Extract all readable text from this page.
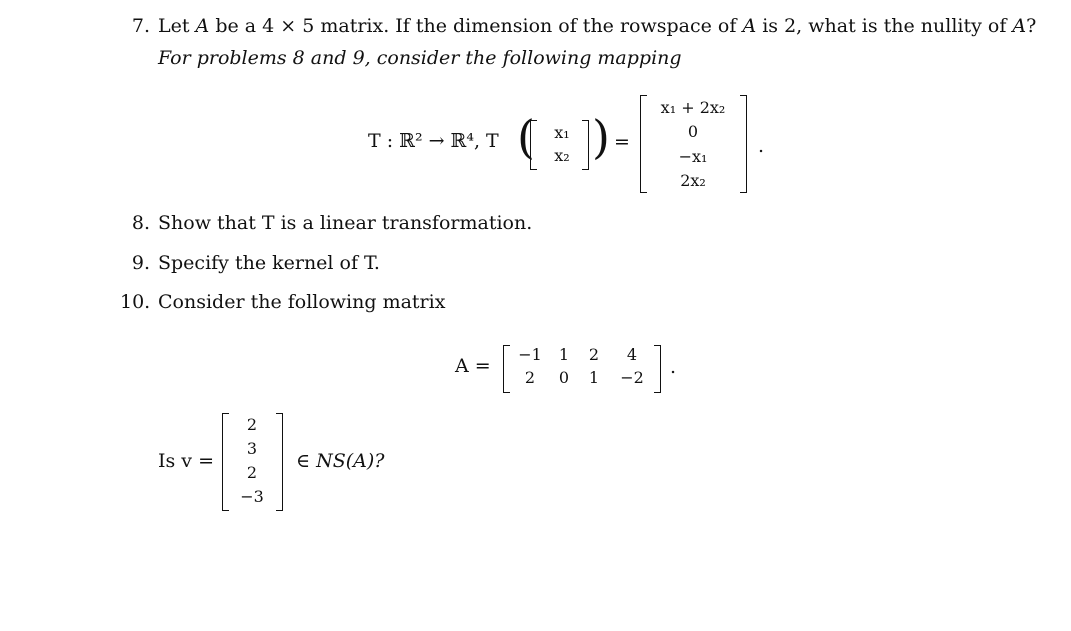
7. Let A be a 4 × 5 matrix. If the dimension of the rowspace of A is 2, what is the nullity of A?
For problems 8 and 9, consider the following mapping
T : ℝ² → ℝ⁴, T (	x₁
x₂ ) =
x₁ + 2x₂
0
−x₁
2x₂
.
8. Show that T is a linear transformation.
9. Specify the kernel of T.
10. Consider the following matrix
A =
−1	1	2	4
2	0	1	−2 .
Is v =
2
3
2
−3
∈ NS(A)?
